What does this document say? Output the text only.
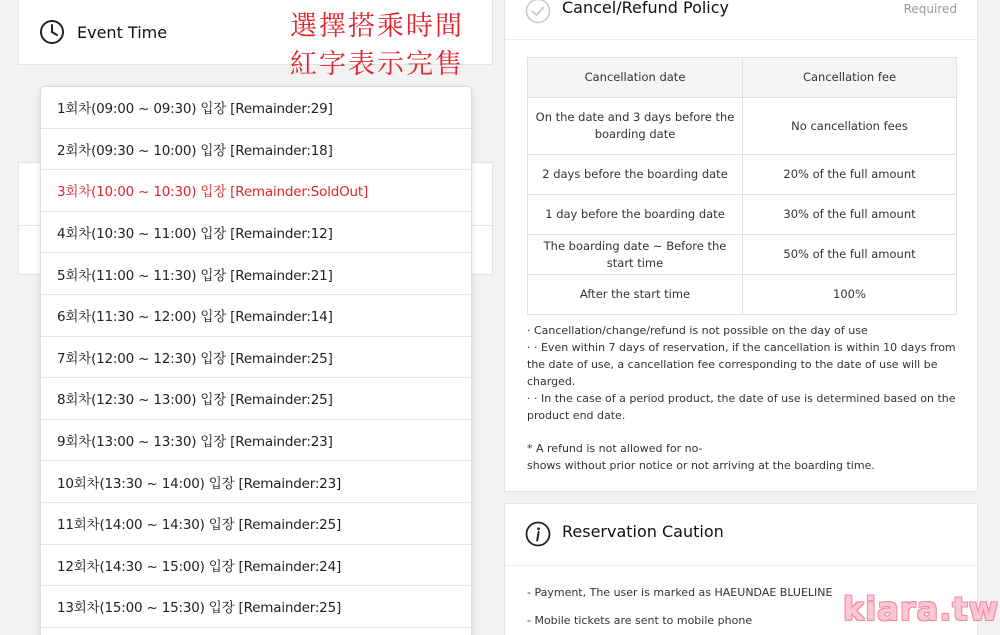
Event Time	選擇搭乘時間
紅字表示完售
1회차(09:00 ~ 09:30) 입장 [Remainder:29]
2회차(09:30 ~ 10:00) 입장 [Remainder:18]
3회차(10:00 ~ 10:30) 입장 [Remainder:SoldOut]
4회차(10:30 ~ 11:00) 입장 [Remainder:12]
5회차(11:00 ~ 11:30) 입장 [Remainder:21]
6회차(11:30 ~ 12:00) 입장 [Remainder:14]
7회차(12:00 ~ 12:30) 입장 [Remainder:25]
8회차(12:30 ~ 13:00) 입장 [Remainder:25]
9회차(13:00 ~ 13:30) 입장 [Remainder:23]
10회차(13:30 ~ 14:00) 입장 [Remainder:23]
11회차(14:00 ~ 14:30) 입장 [Remainder:25]
12회차(14:30 ~ 15:00) 입장 [Remainder:24]
13회차(15:00 ~ 15:30) 입장 [Remainder:25]
Cancel/Refund Policy	Required
Cancellation date	Cancellation fee
On the date and 3 days before the boarding date	No cancellation fees
2 days before the boarding date	20% of the full amount
1 day before the boarding date	30% of the full amount
The boarding date ~ Before the start time	50% of the full amount
After the start time	100%

· Cancellation/change/refund is not possible on the day of use

· · Even within 7 days of reservation, if the cancellation is within 10 days from the date of use, a cancellation fee corresponding to the date of use will be charged.

· · In the case of a period product, the date of use is determined based on the product end date.

* A refund is not allowed for no-

shows without prior notice or not arriving at the boarding time.

Reservation Caution
- Payment, The user is marked as HAEUNDAE BLUELINE
- Mobile tickets are sent to mobile phone	kiara.tw
